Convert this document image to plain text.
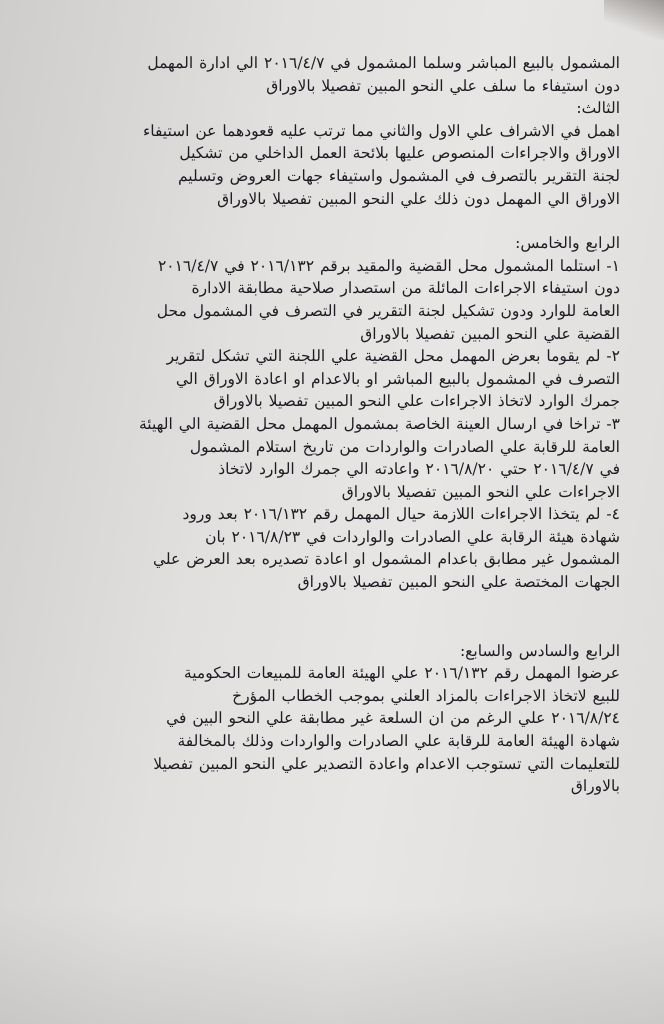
المشمول بالبيع المباشر وسلما المشمول في ٢٠١٦/٤/٧ الي ادارة المهمل
دون استيفاء ما سلف علي النحو المبين تفصيلا بالاوراق
الثالث:
اهمل في الاشراف علي الاول والثاني مما ترتب عليه قعودهما عن استيفاء
الاوراق والاجراءات المنصوص عليها بلائحة العمل الداخلي من تشكيل
لجنة التقرير بالتصرف في المشمول واستيفاء جهات العروض وتسليم
الاوراق الي المهمل دون ذلك علي النحو المبين تفصيلا بالاوراق
الرابع والخامس:
١- استلما المشمول محل القضية والمقيد برقم ٢٠١٦/١٣٢ في ٢٠١٦/٤/٧
دون استيفاء الاجراءات المائلة من استصدار صلاحية مطابقة الادارة
العامة للوارد ودون تشكيل لجنة التقرير في التصرف في المشمول محل
القضية علي النحو المبين تفصيلا بالاوراق
٢- لم يقوما بعرض المهمل محل القضية علي اللجنة التي تشكل لتقرير
التصرف في المشمول بالبيع المباشر او بالاعدام او اعادة الاوراق الي
جمرك الوارد لاتخاذ الاجراءات علي النحو المبين تفصيلا بالاوراق
٣- تراخا في ارسال العينة الخاصة بمشمول المهمل محل القضية الي الهيئة
العامة للرقابة علي الصادرات والواردات من تاريخ استلام المشمول
في ٢٠١٦/٤/٧ حتي ٢٠١٦/٨/٢٠ واعادته الي جمرك الوارد لاتخاذ
الاجراءات علي النحو المبين تفصيلا بالاوراق
٤- لم يتخذا الاجراءات اللازمة حيال المهمل رقم ٢٠١٦/١٣٢ بعد ورود
شهادة هيئة الرقابة علي الصادرات والواردات في ٢٠١٦/٨/٢٣ بان
المشمول غير مطابق باعدام المشمول او اعادة تصديره بعد العرض علي
الجهات المختصة علي النحو المبين تفصيلا بالاوراق
الرابع والسادس والسابع:
عرضوا المهمل رقم ٢٠١٦/١٣٢ علي الهيئة العامة للمبيعات الحكومية
للبيع لاتخاذ الاجراءات بالمزاد العلني بموجب الخطاب المؤرخ
٢٠١٦/٨/٢٤ علي الرغم من ان السلعة غير مطابقة علي النحو البين في
شهادة الهيئة العامة للرقابة علي الصادرات والواردات وذلك بالمخالفة
للتعليمات التي تستوجب الاعدام واعادة التصدير علي النحو المبين تفصيلا
بالاوراق
